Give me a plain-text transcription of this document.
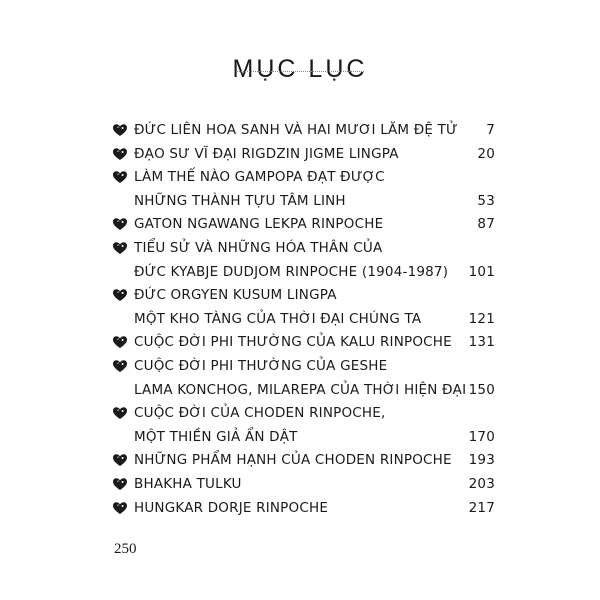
MỤC LỤC
ĐỨC LIÊN HOA SANH VÀ HAI MƯƠI LĂM ĐỆ TỬ 7
ĐẠO SƯ VĨ ĐẠI RIGDZIN JIGME LINGPA	20
LÀM THẾ NÀO GAMPOPA ĐẠT ĐƯỢC
NHỮNG THÀNH TỰU TÂM LINH	53
GATON NGAWANG LEKPA RINPOCHE	87
TIỂU SỬ VÀ NHỮNG HÓA THÂN CỦA
ĐỨC KYABJE DUDJOM RINPOCHE (1904-1987) 101
ĐỨC ORGYEN KUSUM LINGPA
MỘT KHO TÀNG CỦA THỜI ĐẠI CHÚNG TA	121
CUỘC ĐỜI PHI THƯỜNG CỦA KALU RINPOCHE 131
CUỘC ĐỜI PHI THƯỜNG CỦA GESHE
LAMA KONCHOG, MILAREPA CỦA THỜI HIỆN ĐẠI 150
CUỘC ĐỜI CỦA CHODEN RINPOCHE,
MỘT THIỀN GIẢ ẨN DẬT	170
NHỮNG PHẨM HẠNH CỦA CHODEN RINPOCHE 193
BHAKHA TULKU	203
HUNGKAR DORJE RINPOCHE	217
250
